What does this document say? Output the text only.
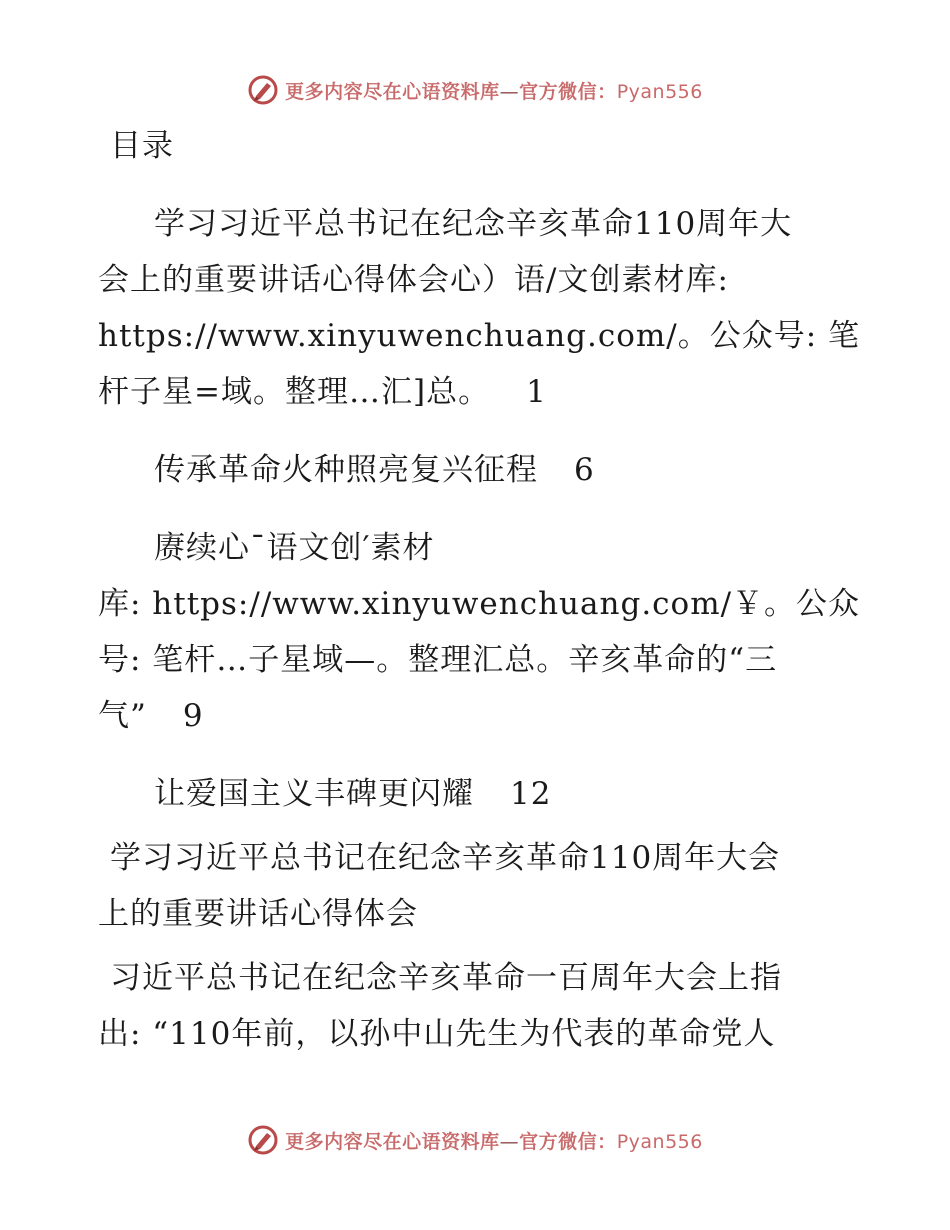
更多内容尽在心语资料库—官方微信：Pyan556
目录
学习习近平总书记在纪念辛亥革命110周年大
会上的重要讲话心得体会心）语/文创素材库:
https://www.xinyuwenchuang.com/。公众号: 笔
杆子星=域。整理…汇]总。 1
传承革命火种照亮复兴征程 6
赓续心¯语文创′素材
库: https://www.xinyuwenchuang.com/￥。公众
号: 笔杆…子星域—。整理汇总。辛亥革命的“三
气” 9
让爱国主义丰碑更闪耀 12
学习习近平总书记在纪念辛亥革命110周年大会
上的重要讲话心得体会
习近平总书记在纪念辛亥革命一百周年大会上指
出: “110年前，以孙中山先生为代表的革命党人
更多内容尽在心语资料库—官方微信：Pyan556
